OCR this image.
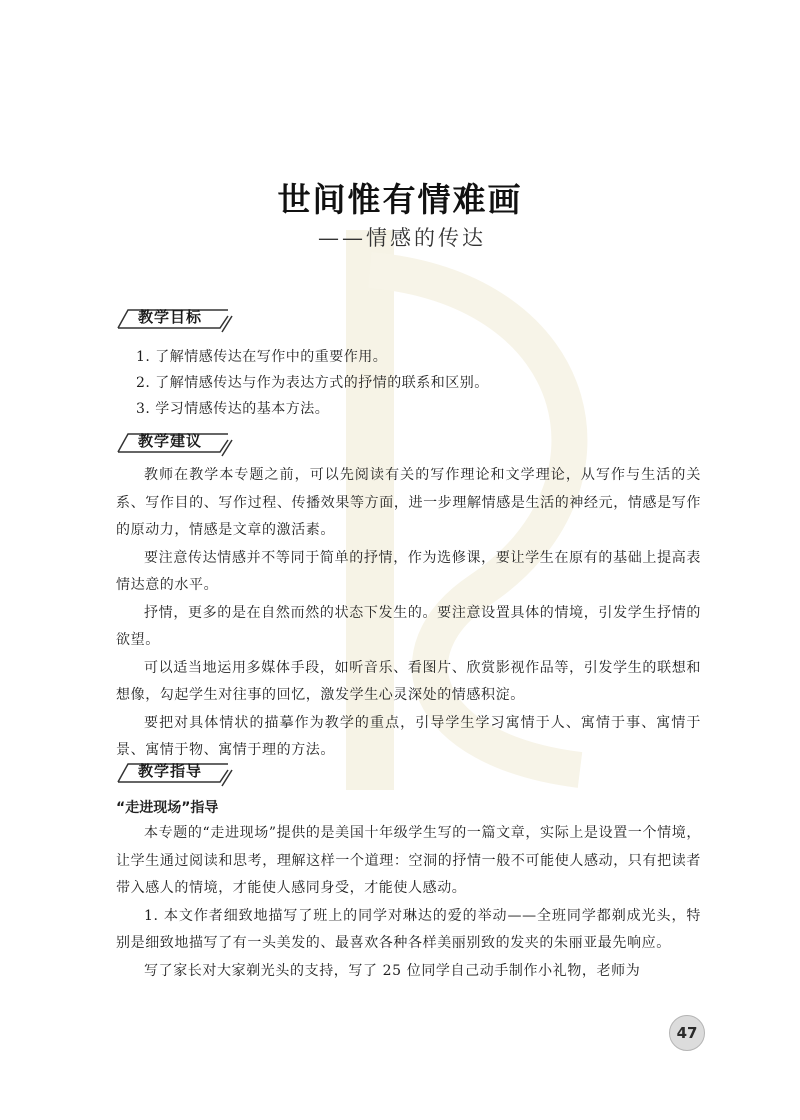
世间惟有情难画
——情感的传达
教学目标
1. 了解情感传达在写作中的重要作用。
2. 了解情感传达与作为表达方式的抒情的联系和区别。
3. 学习情感传达的基本方法。
教学建议

教师在教学本专题之前，可以先阅读有关的写作理论和文学理论，从写作与生活的关系、写作目的、写作过程、传播效果等方面，进一步理解情感是生活的神经元，情感是写作的原动力，情感是文章的激活素。

要注意传达情感并不等同于简单的抒情，作为选修课，要让学生在原有的基础上提高表情达意的水平。

抒情，更多的是在自然而然的状态下发生的。要注意设置具体的情境，引发学生抒情的欲望。

可以适当地运用多媒体手段，如听音乐、看图片、欣赏影视作品等，引发学生的联想和想像，勾起学生对往事的回忆，激发学生心灵深处的情感积淀。

要把对具体情状的描摹作为教学的重点，引导学生学习寓情于人、寓情于事、寓情于景、寓情于物、寓情于理的方法。

教学指导
“走进现场”指导

本专题的“走进现场”提供的是美国十年级学生写的一篇文章，实际上是设置一个情境，让学生通过阅读和思考，理解这样一个道理：空洞的抒情一般不可能使人感动，只有把读者带入感人的情境，才能使人感同身受，才能使人感动。

1. 本文作者细致地描写了班上的同学对琳达的爱的举动——全班同学都剃成光头，特别是细致地描写了有一头美发的、最喜欢各种各样美丽别致的发夹的朱丽亚最先响应。

写了家长对大家剃光头的支持，写了 25 位同学自己动手制作小礼物，老师为

47
